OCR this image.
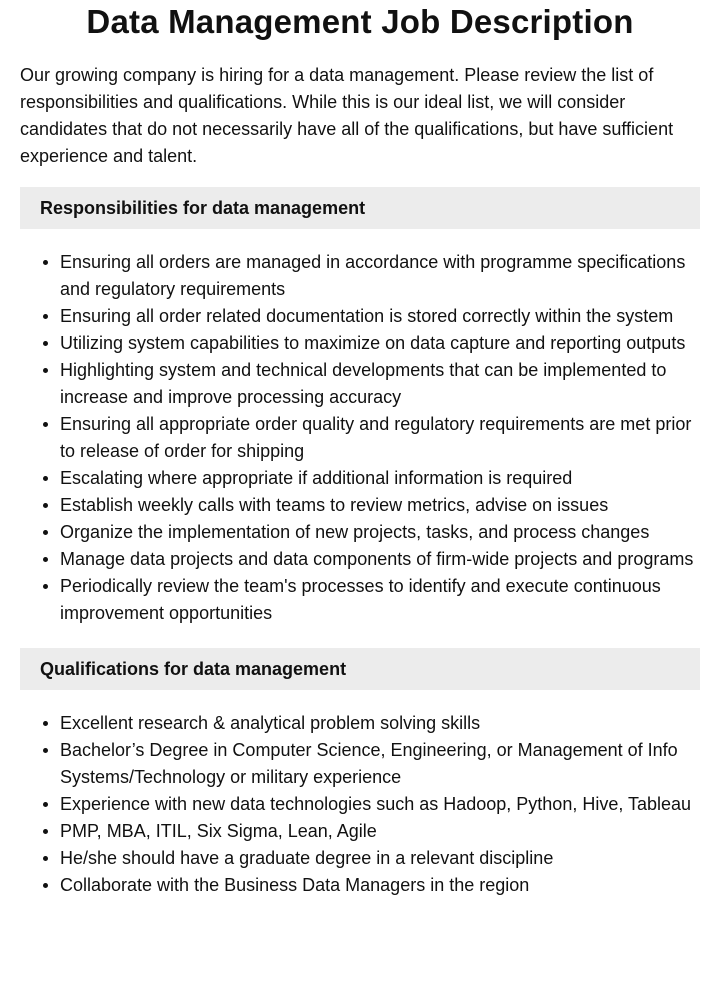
Data Management Job Description

Our growing company is hiring for a data management. Please review the list of responsibilities and qualifications. While this is our ideal list, we will consider candidates that do not necessarily have all of the qualifications, but have sufficient experience and talent.

Responsibilities for data management
Ensuring all orders are managed in accordance with programme specifications and regulatory requirements
Ensuring all order related documentation is stored correctly within the system
Utilizing system capabilities to maximize on data capture and reporting outputs
Highlighting system and technical developments that can be implemented to increase and improve processing accuracy
Ensuring all appropriate order quality and regulatory requirements are met prior to release of order for shipping
Escalating where appropriate if additional information is required
Establish weekly calls with teams to review metrics, advise on issues
Organize the implementation of new projects, tasks, and process changes
Manage data projects and data components of firm-wide projects and programs
Periodically review the team's processes to identify and execute continuous improvement opportunities
Qualifications for data management
Excellent research & analytical problem solving skills
Bachelor’s Degree in Computer Science, Engineering, or Management of Info Systems/Technology or military experience
Experience with new data technologies such as Hadoop, Python, Hive, Tableau
PMP, MBA, ITIL, Six Sigma, Lean, Agile
He/she should have a graduate degree in a relevant discipline
Collaborate with the Business Data Managers in the region
